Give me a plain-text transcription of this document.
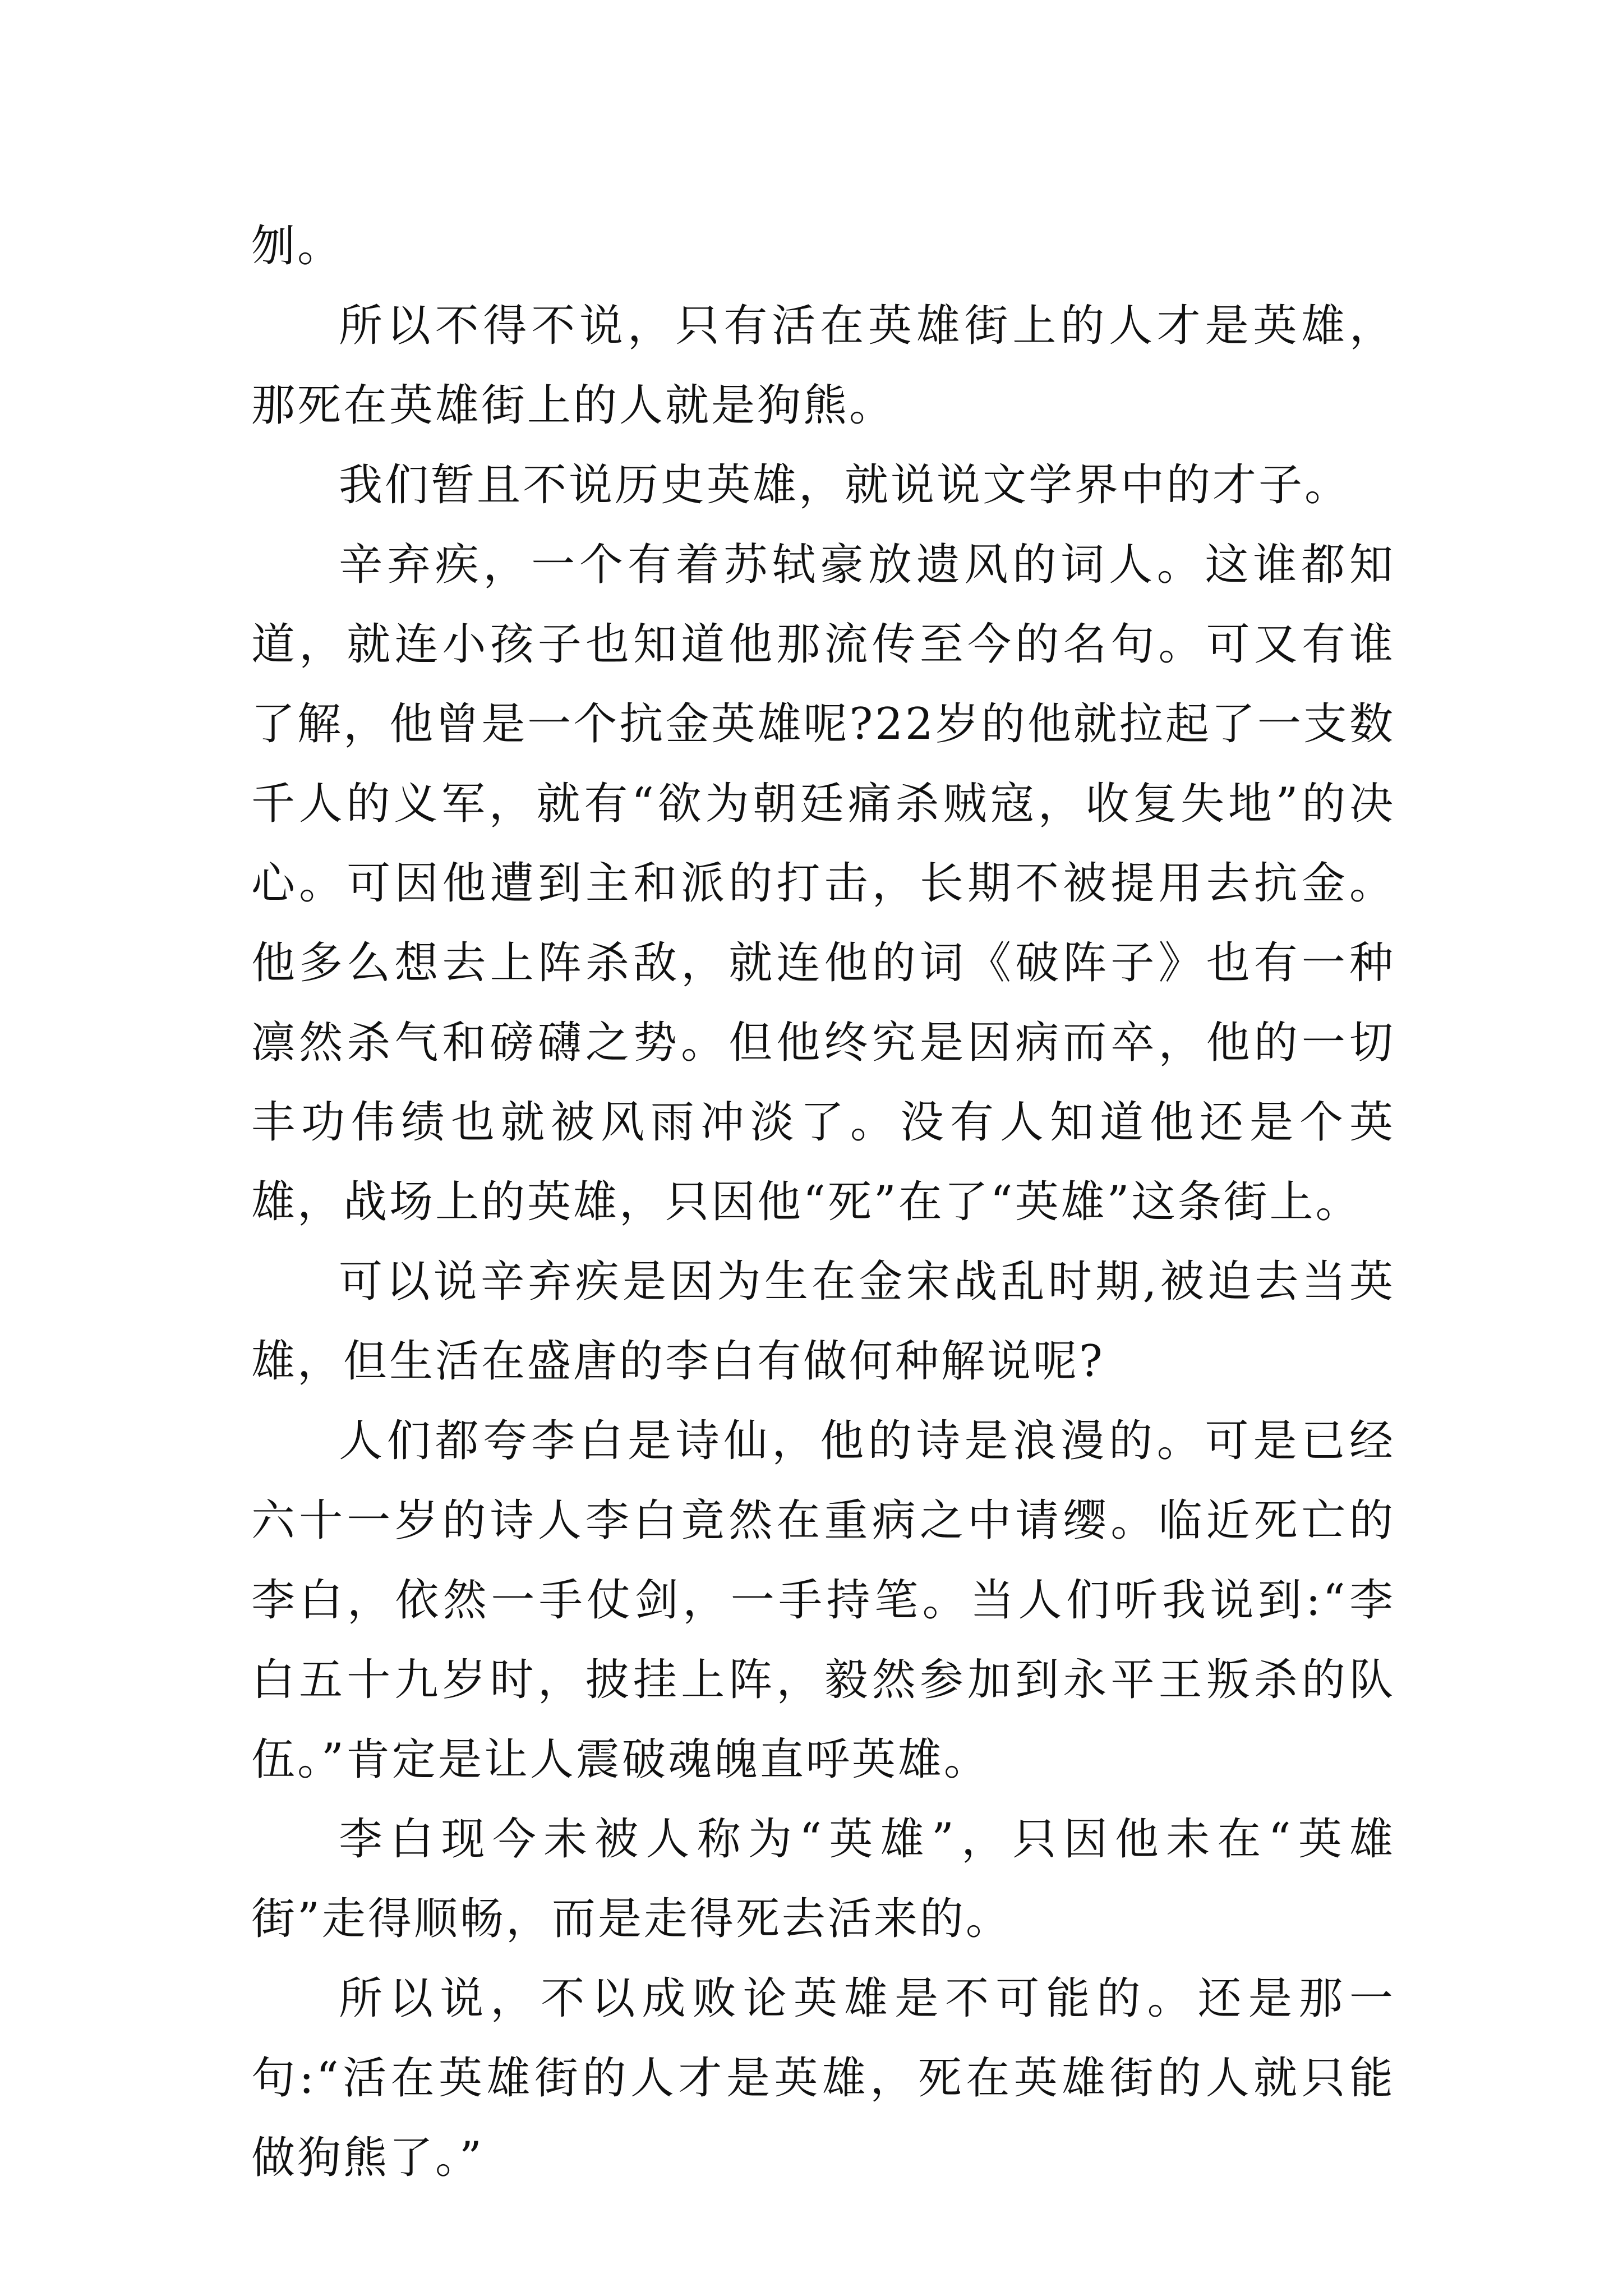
刎。

所以不得不说，只有活在英雄街上的人才是英雄，那死在英雄街上的人就是狗熊。

我们暂且不说历史英雄，就说说文学界中的才子。

辛弃疾，一个有着苏轼豪放遗风的词人。这谁都知道，就连小孩子也知道他那流传至今的名句。可又有谁了解，他曾是一个抗金英雄呢?22岁的他就拉起了一支数千人的义军，就有“欲为朝廷痛杀贼寇，收复失地”的决心。可因他遭到主和派的打击，长期不被提用去抗金。他多么想去上阵杀敌，就连他的词《破阵子》也有一种凛然杀气和磅礴之势。但他终究是因病而卒，他的一切丰功伟绩也就被风雨冲淡了。没有人知道他还是个英雄，战场上的英雄，只因他“死”在了“英雄”这条街上。

可以说辛弃疾是因为生在金宋战乱时期,被迫去当英雄，但生活在盛唐的李白有做何种解说呢?

人们都夸李白是诗仙，他的诗是浪漫的。可是已经六十一岁的诗人李白竟然在重病之中请缨。临近死亡的李白，依然一手仗剑，一手持笔。当人们听我说到:“李白五十九岁时，披挂上阵，毅然参加到永平王叛杀的队伍。”肯定是让人震破魂魄直呼英雄。

李白现今未被人称为“英雄”，只因他未在“英雄街”走得顺畅，而是走得死去活来的。

所以说，不以成败论英雄是不可能的。还是那一句:“活在英雄街的人才是英雄，死在英雄街的人就只能做狗熊了。”
